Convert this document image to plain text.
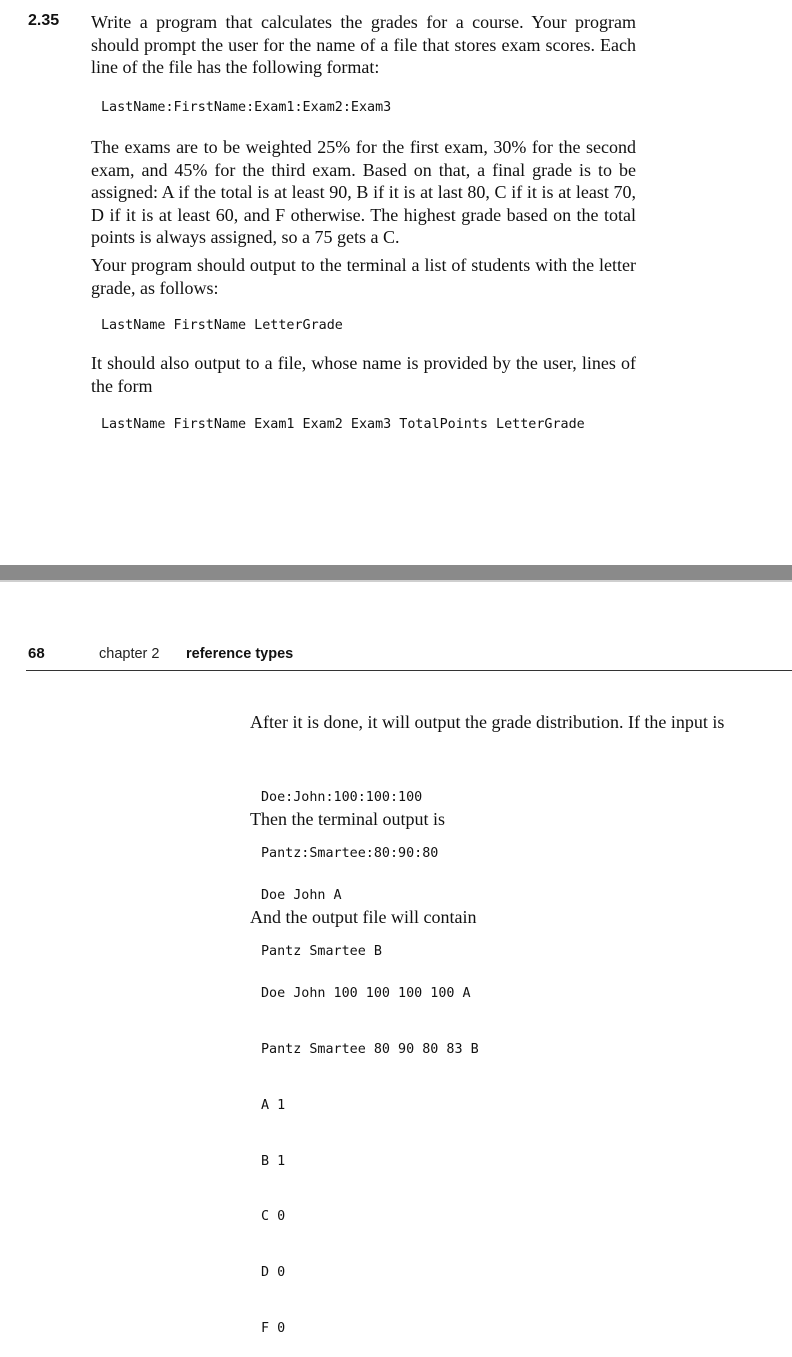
2.35 Write a program that calculates the grades for a course. Your program should prompt the user for the name of a file that stores exam scores. Each line of the file has the following format:
LastName:FirstName:Exam1:Exam2:Exam3
The exams are to be weighted 25% for the first exam, 30% for the second exam, and 45% for the third exam. Based on that, a final grade is to be assigned: A if the total is at least 90, B if it is at last 80, C if it is at least 70, D if it is at least 60, and F otherwise. The highest grade based on the total points is always assigned, so a 75 gets a C.
Your program should output to the terminal a list of students with the letter grade, as follows:
LastName FirstName LetterGrade
It should also output to a file, whose name is provided by the user, lines of the form
LastName FirstName Exam1 Exam2 Exam3 TotalPoints LetterGrade
68	chapter 2 reference types
After it is done, it will output the grade distribution. If the input is

Doe:John:100:100:100

Pantz:Smartee:80:90:80

Then the terminal output is

Doe John A

Pantz Smartee B

And the output file will contain

Doe John 100 100 100 100 A

Pantz Smartee 80 90 80 83 B

A 1

B 1

C 0

D 0

F 0
